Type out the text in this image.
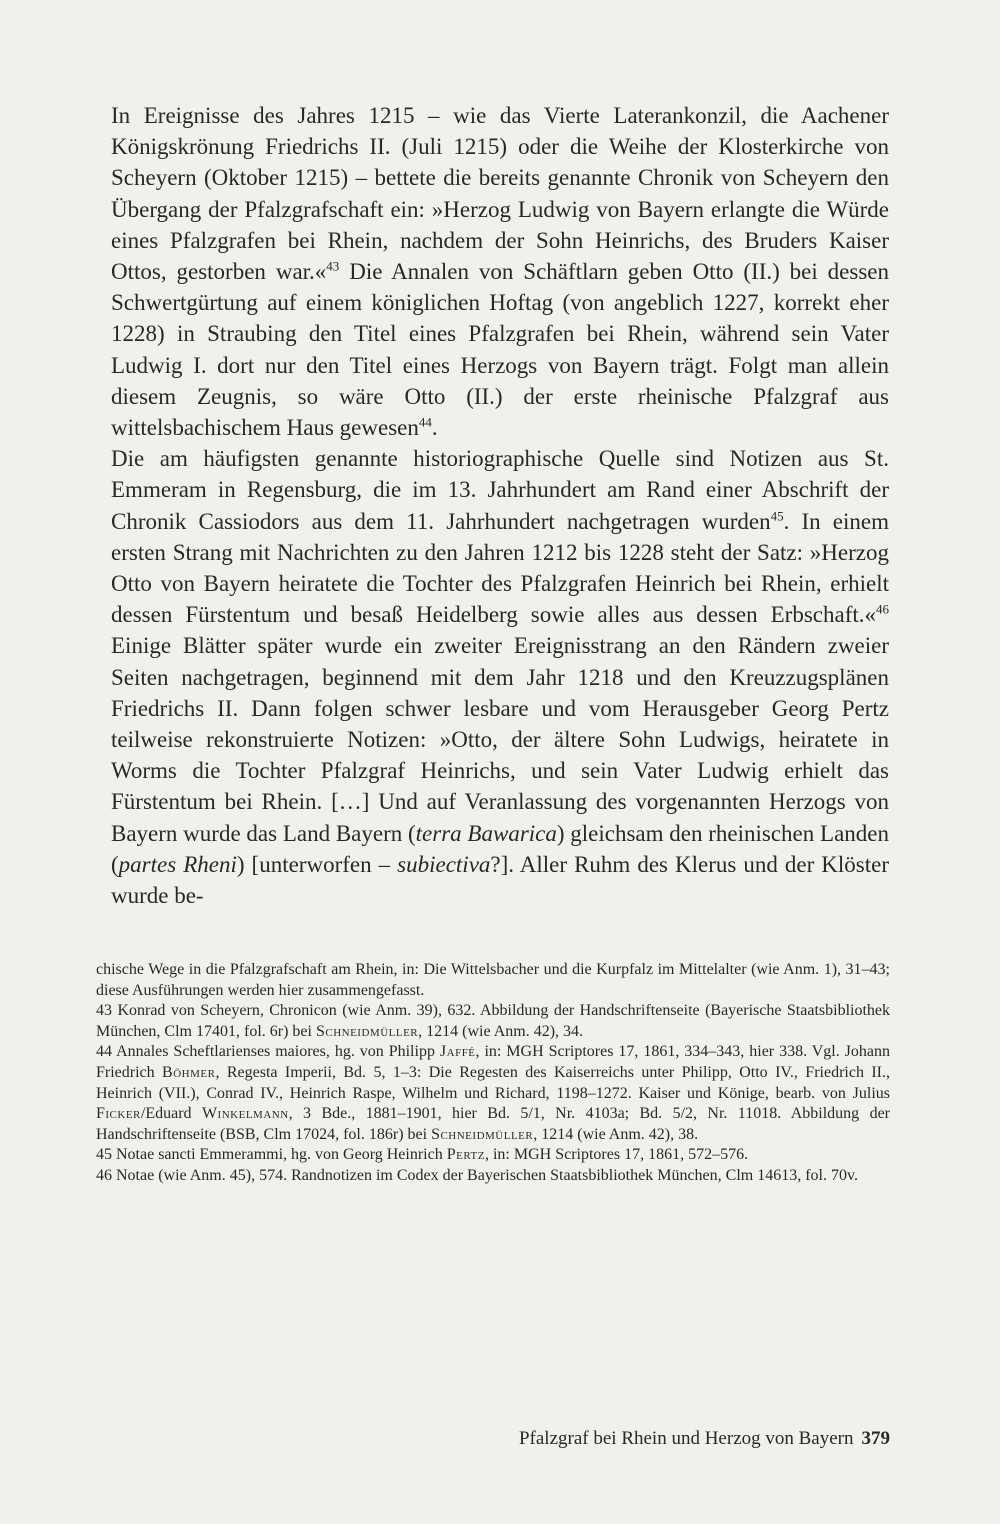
In Ereignisse des Jahres 1215 – wie das Vierte Laterankonzil, die Aachener Königskrönung Friedrichs II. (Juli 1215) oder die Weihe der Klosterkirche von Scheyern (Oktober 1215) – bettete die bereits genannte Chronik von Scheyern den Übergang der Pfalzgrafschaft ein: »Herzog Ludwig von Bayern erlangte die Würde eines Pfalzgrafen bei Rhein, nachdem der Sohn Heinrichs, des Bruders Kaiser Ottos, gestorben war.«$^{43}$ Die Annalen von Schäftlarn geben Otto (II.) bei dessen Schwertgürtung auf einem königlichen Hoftag (von angeblich 1227, korrekt eher 1228) in Straubing den Titel eines Pfalzgrafen bei Rhein, während sein Vater Ludwig I. dort nur den Titel eines Herzogs von Bayern trägt. Folgt man allein diesem Zeugnis, so wäre Otto (II.) der erste rheinische Pfalzgraf aus wittelsbachischem Haus gewesen$^{44}$.

Die am häufigsten genannte historiographische Quelle sind Notizen aus St. Emmeram in Regensburg, die im 13. Jahrhundert am Rand einer Abschrift der Chronik Cassiodors aus dem 11. Jahrhundert nachgetragen wurden$^{45}$. In einem ersten Strang mit Nachrichten zu den Jahren 1212 bis 1228 steht der Satz: »Herzog Otto von Bayern heiratete die Tochter des Pfalzgrafen Heinrich bei Rhein, erhielt dessen Fürstentum und besaß Heidelberg sowie alles aus dessen Erbschaft.«$^{46}$ Einige Blätter später wurde ein zweiter Ereignisstrang an den Rändern zweier Seiten nachgetragen, beginnend mit dem Jahr 1218 und den Kreuzzugsplänen Friedrichs II. Dann folgen schwer lesbare und vom Herausgeber Georg Pertz teilweise rekonstruierte Notizen: »Otto, der ältere Sohn Ludwigs, heiratete in Worms die Tochter Pfalzgraf Heinrichs, und sein Vater Ludwig erhielt das Fürstentum bei Rhein. […] Und auf Veranlassung des vorgenannten Herzogs von Bayern wurde das Land Bayern (terra Bawarica) gleichsam den rheinischen Landen (partes Rheni) [unterworfen – subiectiva?]. Aller Ruhm des Klerus und der Klöster wurde be-

chische Wege in die Pfalzgrafschaft am Rhein, in: Die Wittelsbacher und die Kurpfalz im Mittelalter (wie Anm. 1), 31–43; diese Ausführungen werden hier zusammengefasst.

43 Konrad von Scheyern, Chronicon (wie Anm. 39), 632. Abbildung der Handschriftenseite (Bayerische Staatsbibliothek München, Clm 17401, fol. 6r) bei Schneidmüller, 1214 (wie Anm. 42), 34.

44 Annales Scheftlarienses maiores, hg. von Philipp Jaffé, in: MGH Scriptores 17, 1861, 334–343, hier 338. Vgl. Johann Friedrich Böhmer, Regesta Imperii, Bd. 5, 1–3: Die Regesten des Kaiserreichs unter Philipp, Otto IV., Friedrich II., Heinrich (VII.), Conrad IV., Heinrich Raspe, Wilhelm und Richard, 1198–1272. Kaiser und Könige, bearb. von Julius Ficker/Eduard Winkelmann, 3 Bde., 1881–1901, hier Bd. 5/1, Nr. 4103a; Bd. 5/2, Nr. 11018. Abbildung der Handschriftenseite (BSB, Clm 17024, fol. 186r) bei Schneidmüller, 1214 (wie Anm. 42), 38.

45 Notae sancti Emmerammi, hg. von Georg Heinrich Pertz, in: MGH Scriptores 17, 1861, 572–576.

46 Notae (wie Anm. 45), 574. Randnotizen im Codex der Bayerischen Staatsbibliothek München, Clm 14613, fol. 70v.

Pfalzgraf bei Rhein und Herzog von Bayern 379
